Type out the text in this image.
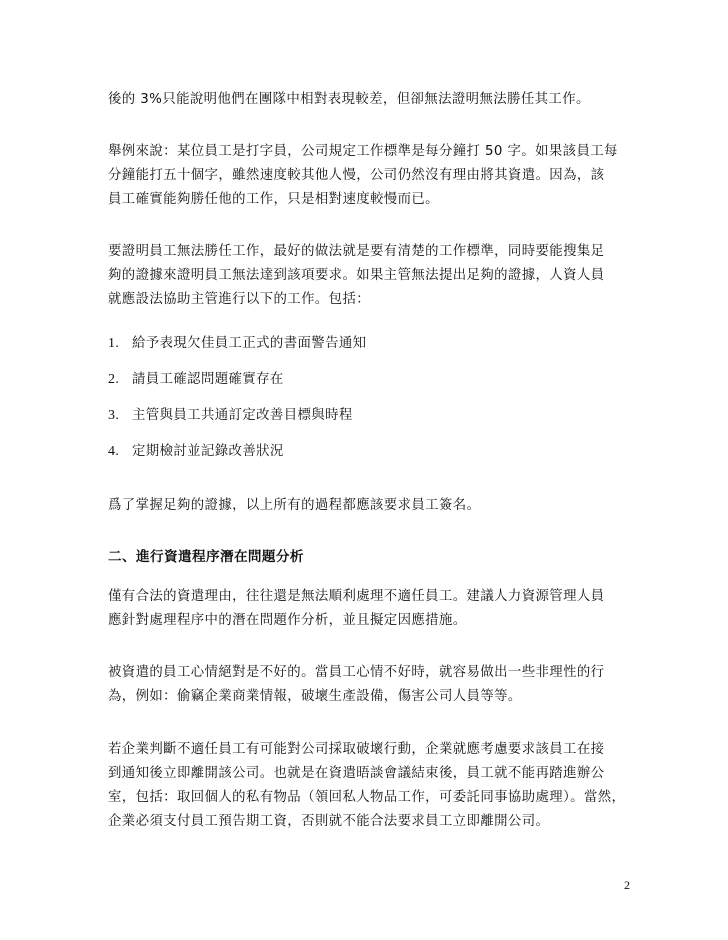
後的 3%只能說明他們在團隊中相對表現較差，但卻無法證明無法勝任其工作。
舉例來說：某位員工是打字員，公司規定工作標準是每分鐘打 50 字。如果該員工每
分鐘能打五十個字，雖然速度較其他人慢，公司仍然沒有理由將其資遣。因為，該
員工確實能夠勝任他的工作，只是相對速度較慢而已。
要證明員工無法勝任工作，最好的做法就是要有清楚的工作標準，同時要能搜集足
夠的證據來證明員工無法達到該項要求。如果主管無法提出足夠的證據，人資人員
就應設法協助主管進行以下的工作。包括：
1. 給予表現欠佳員工正式的書面警告通知
2. 請員工確認問題確實存在
3. 主管與員工共通訂定改善目標與時程
4. 定期檢討並記錄改善狀況
爲了掌握足夠的證據，以上所有的過程都應該要求員工簽名。
二、進行資遣程序潛在問題分析
僅有合法的資遣理由，往往還是無法順利處理不適任員工。建議人力資源管理人員
應針對處理程序中的潛在問題作分析，並且擬定因應措施。
被資遣的員工心情絕對是不好的。當員工心情不好時，就容易做出一些非理性的行
為，例如：偷竊企業商業情報，破壞生產設備，傷害公司人員等等。
若企業判斷不適任員工有可能對公司採取破壞行動，企業就應考慮要求該員工在接
到通知後立即離開該公司。也就是在資遣晤談會議結束後，員工就不能再踏進辦公
室，包括：取回個人的私有物品（領回私人物品工作，可委託同事協助處理）。當然，
企業必須支付員工預告期工資，否則就不能合法要求員工立即離開公司。
2
